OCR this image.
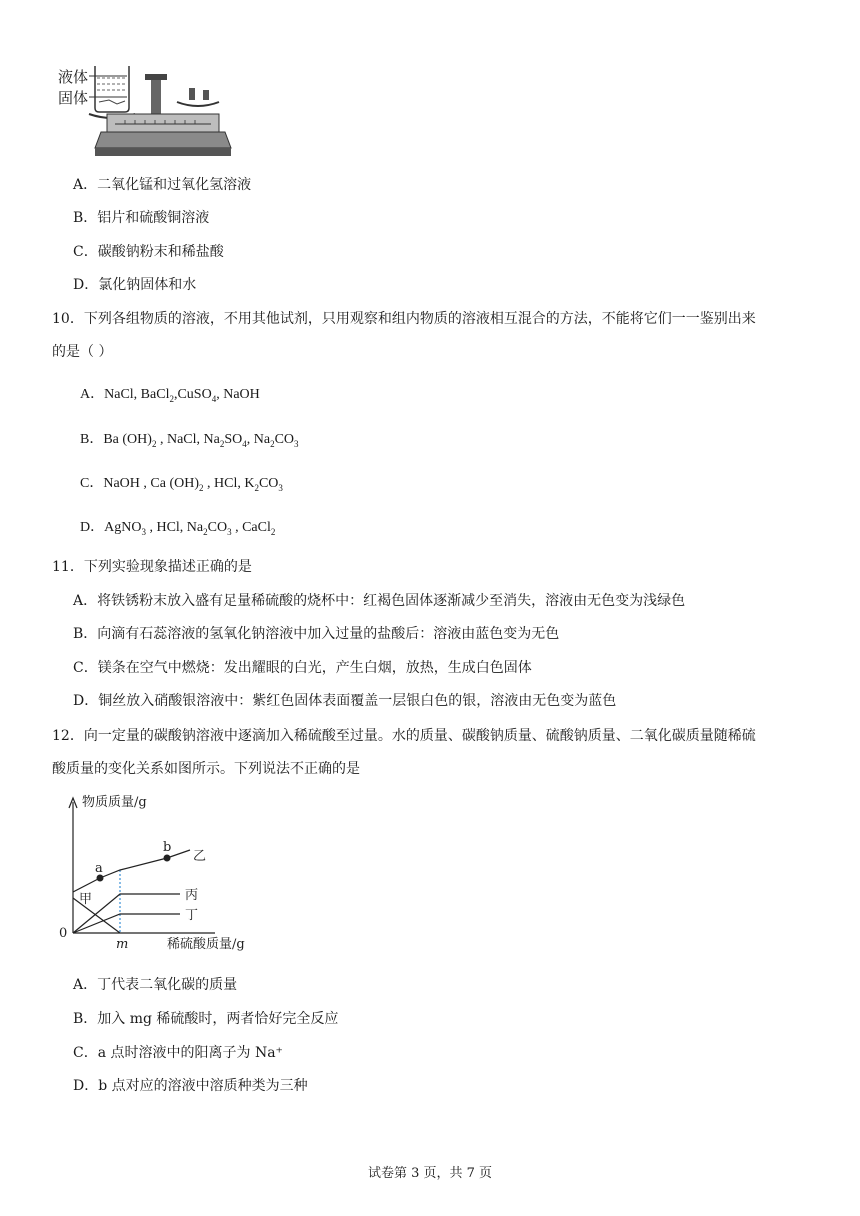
液体
固体
A．二氧化锰和过氧化氢溶液
B．铝片和硫酸铜溶液
C．碳酸钠粉末和稀盐酸
D．氯化钠固体和水
10．下列各组物质的溶液，不用其他试剂，只用观察和组内物质的溶液相互混合的方法，不能将它们一一鉴别出来
的是（ ）
A．NaCl, BaCl$_2$,CuSO$_4$, NaOH
B．Ba $(OH)_2$ , NaCl, $Na_2SO_4$, $Na_2CO_3$
C．NaOH , Ca $(OH)_2$ , HCl, $K_2CO_3$
D．AgNO$_3$ , HCl, $Na_2CO_3$ , CaCl$_2$
11．下列实验现象描述正确的是
A．将铁锈粉末放入盛有足量稀硫酸的烧杯中：红褐色固体逐渐减少至消失，溶液由无色变为浅绿色
B．向滴有石蕊溶液的氢氧化钠溶液中加入过量的盐酸后：溶液由蓝色变为无色
C．镁条在空气中燃烧：发出耀眼的白光，产生白烟，放热，生成白色固体
D．铜丝放入硝酸银溶液中：紫红色固体表面覆盖一层银白色的银，溶液由无色变为蓝色
12．向一定量的碳酸钠溶液中逐滴加入稀硫酸至过量。水的质量、碳酸钠质量、硫酸钠质量、二氧化碳质量随稀硫
酸质量的变化关系如图所示。下列说法不正确的是
物质质量/g
稀硫酸质量/g
0
m
a
b
乙
甲	丙
丁
A．丁代表二氧化碳的质量
B．加入 mg 稀硫酸时，两者恰好完全反应
C．a 点时溶液中的阳离子为 Na⁺
D．b 点对应的溶液中溶质种类为三种
试卷第 3 页，共 7 页
